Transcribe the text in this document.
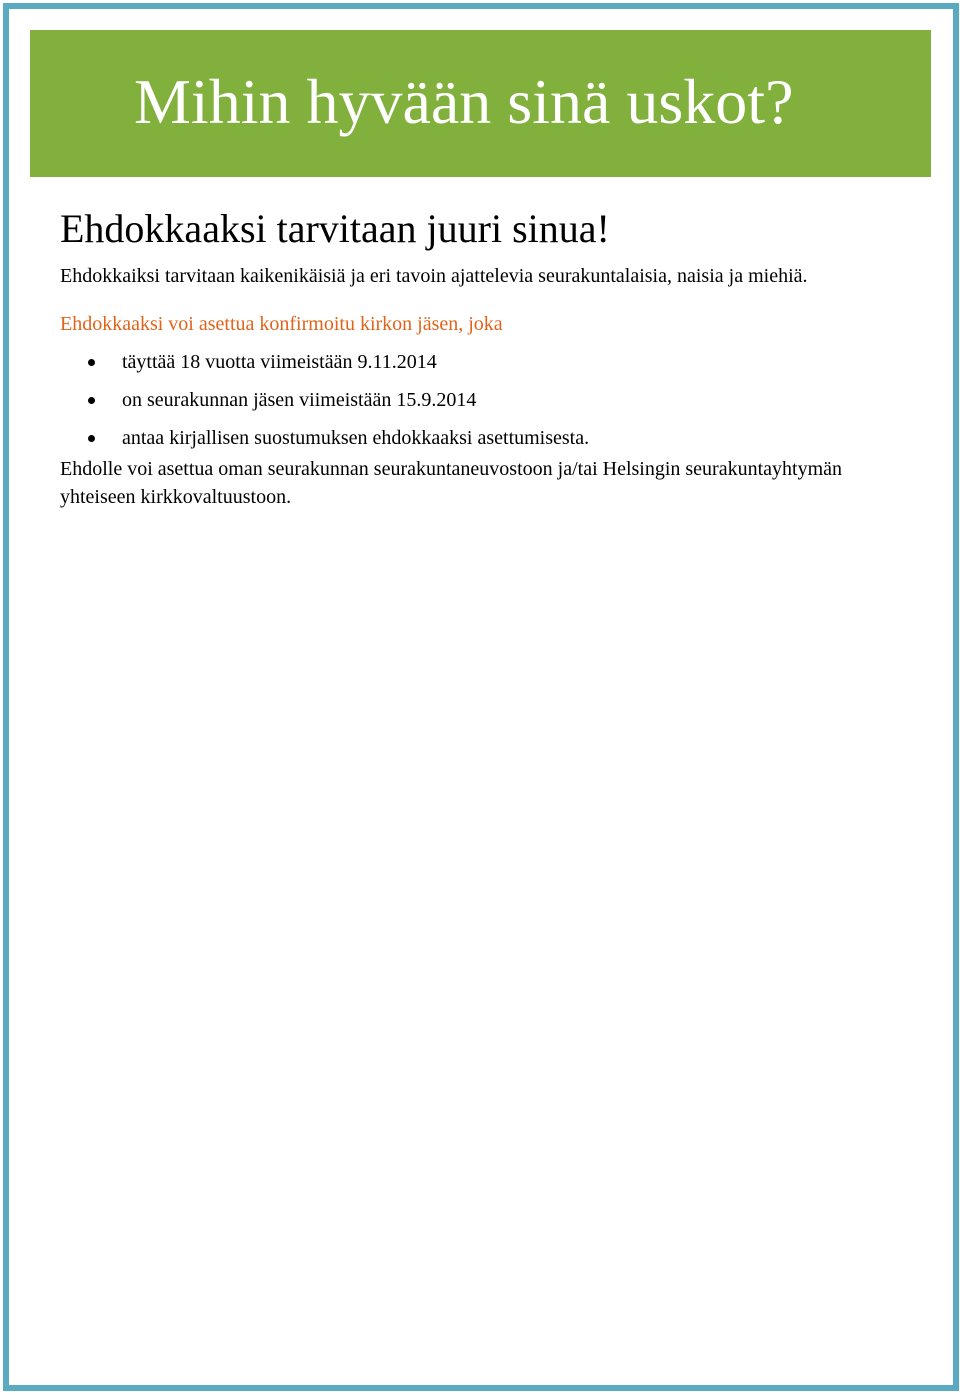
Mihin hyvään sinä uskot?
Ehdokkaaksi tarvitaan juuri sinua!

Ehdokkaiksi tarvitaan kaikenikäisiä ja eri tavoin ajattelevia seurakuntalaisia, naisia ja miehiä.

Ehdokkaaksi voi asettua konfirmoitu kirkon jäsen, joka

täyttää 18 vuotta viimeistään 9.11.2014
on seurakunnan jäsen viimeistään 15.9.2014
antaa kirjallisen suostumuksen ehdokkaaksi asettumisesta.

Ehdolle voi asettua oman seurakunnan seurakuntaneuvostoon ja/tai Helsingin seurakuntayhtymän yhteiseen kirkkovaltuustoon.
